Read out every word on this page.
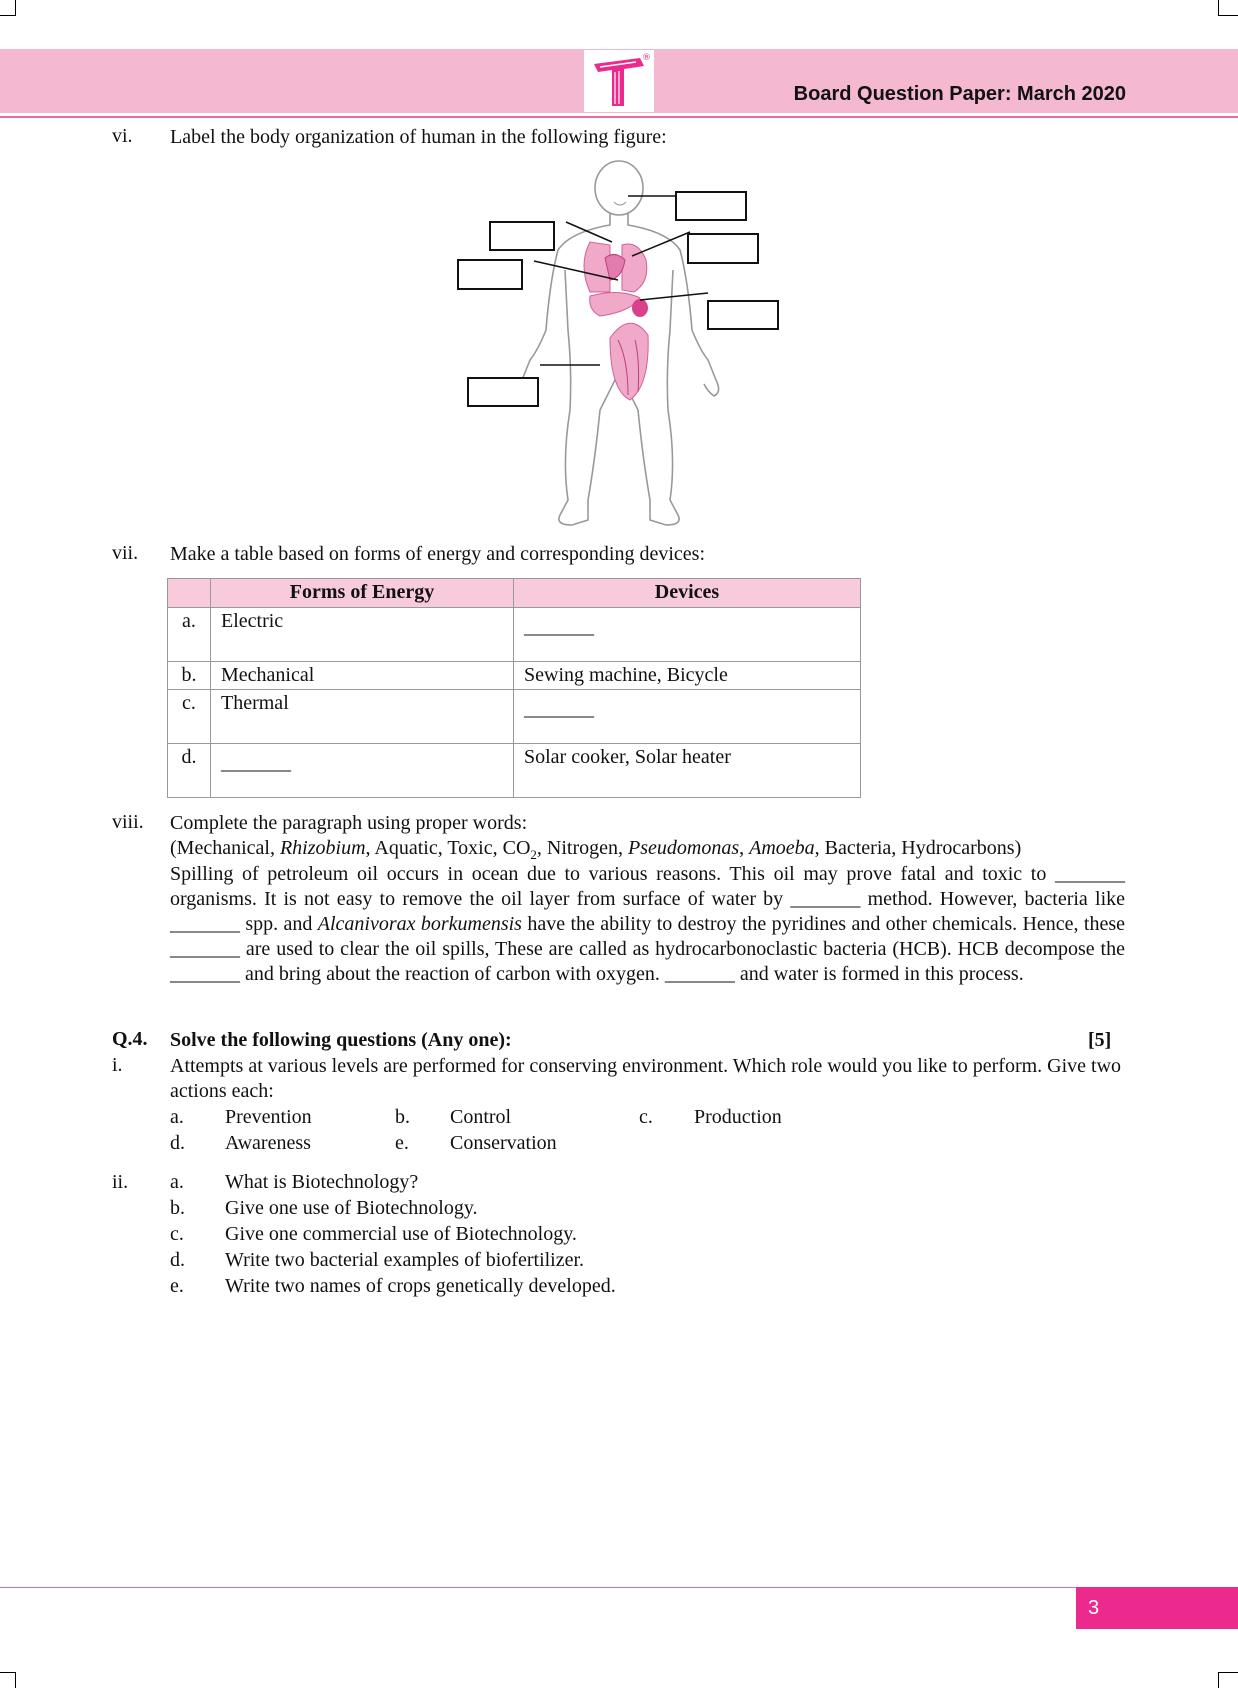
®
Board Question Paper: March 2020
vi. Label the body organization of human in the following figure:
vii. Make a table based on forms of energy and corresponding devices:
	Forms of Energy	Devices
a.	Electric	_______
b.	Mechanical	Sewing machine, Bicycle
c.	Thermal	_______
d.	_______	Solar cooker, Solar heater
viii. Complete the paragraph using proper words:
(Mechanical, Rhizobium, Aquatic, Toxic, $CO_2$, Nitrogen, Pseudomonas, Amoeba, Bacteria, Hydrocarbons)
Spilling of petroleum oil occurs in ocean due to various reasons. This oil may prove fatal and toxic to _______ organisms. It is not easy to remove the oil layer from surface of water by _______ method. However, bacteria like _______ spp. and Alcanivorax borkumensis have the ability to destroy the pyridines and other chemicals. Hence, these _______ are used to clear the oil spills, These are called as hydrocarbonoclastic bacteria (HCB). HCB decompose the _______ and bring about the reaction of carbon with oxygen. _______ and water is formed in this process.
Q.4. Solve the following questions (Any one):	[5]
i. Attempts at various levels are performed for conserving environment. Which role would you like to perform. Give two actions each:
a. Prevention	b. Control	c. Production
d. Awareness	e. Conservation
ii. a. What is Biotechnology?
b. Give one use of Biotechnology.
c. Give one commercial use of Biotechnology.
d. Write two bacterial examples of biofertilizer.
e. Write two names of crops genetically developed.
3
